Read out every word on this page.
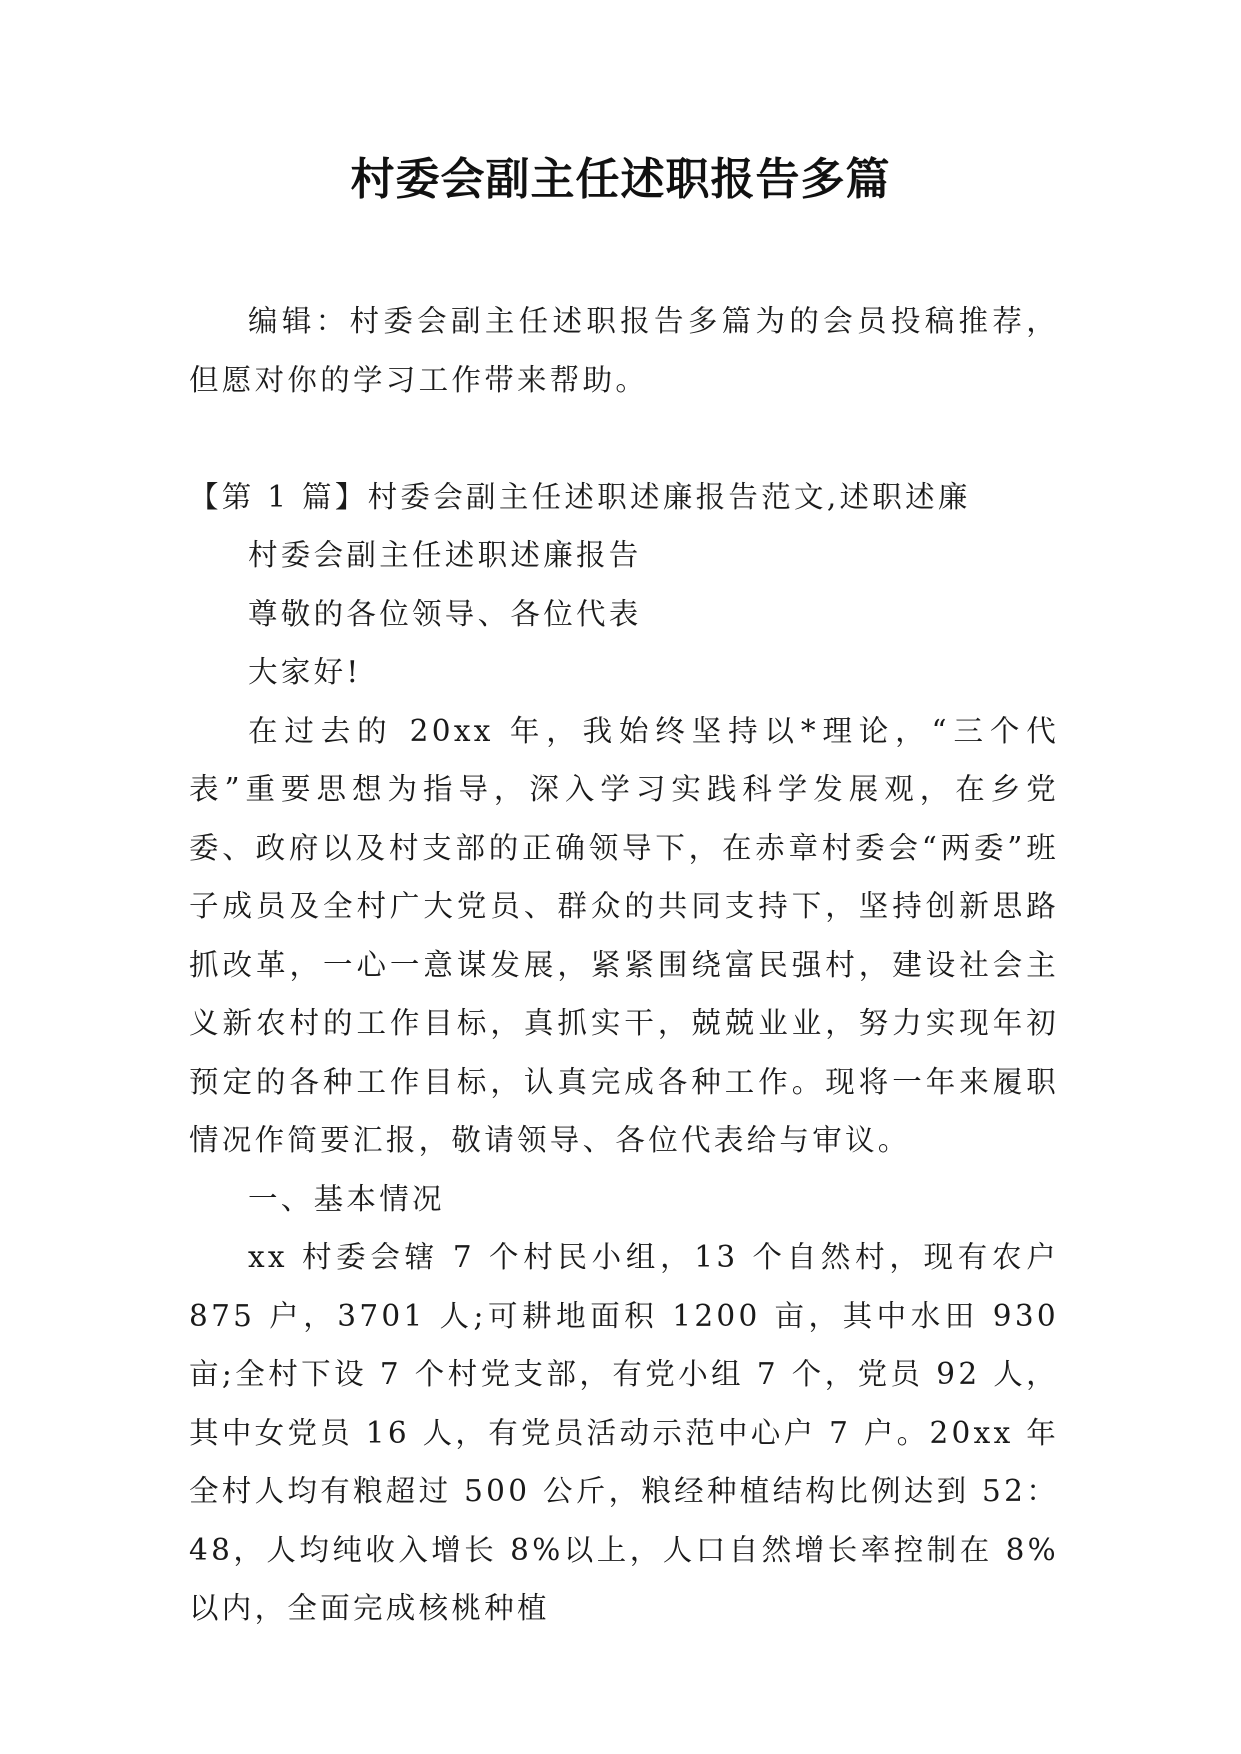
村委会副主任述职报告多篇

编辑：村委会副主任述职报告多篇为的会员投稿推荐，但愿对你的学习工作带来帮助。

【第 1 篇】村委会副主任述职述廉报告范文,述职述廉

村委会副主任述职述廉报告

尊敬的各位领导、各位代表

大家好!

在过去的 20xx 年，我始终坚持以*理论，“三个代表”重要思想为指导，深入学习实践科学发展观，在乡党委、政府以及村支部的正确领导下，在赤章村委会“两委”班子成员及全村广大党员、群众的共同支持下，坚持创新思路抓改革，一心一意谋发展，紧紧围绕富民强村，建设社会主义新农村的工作目标，真抓实干，兢兢业业，努力实现年初预定的各种工作目标，认真完成各种工作。现将一年来履职情况作简要汇报，敬请领导、各位代表给与审议。

一、基本情况

xx 村委会辖 7 个村民小组，13 个自然村，现有农户 875 户，3701 人;可耕地面积 1200 亩，其中水田 930 亩;全村下设 7 个村党支部，有党小组 7 个，党员 92 人，其中女党员 16 人，有党员活动示范中心户 7 户。20xx 年全村人均有粮超过 500 公斤，粮经种植结构比例达到 52：48，人均纯收入增长 8%以上，人口自然增长率控制在 8%以内，全面完成核桃种植
